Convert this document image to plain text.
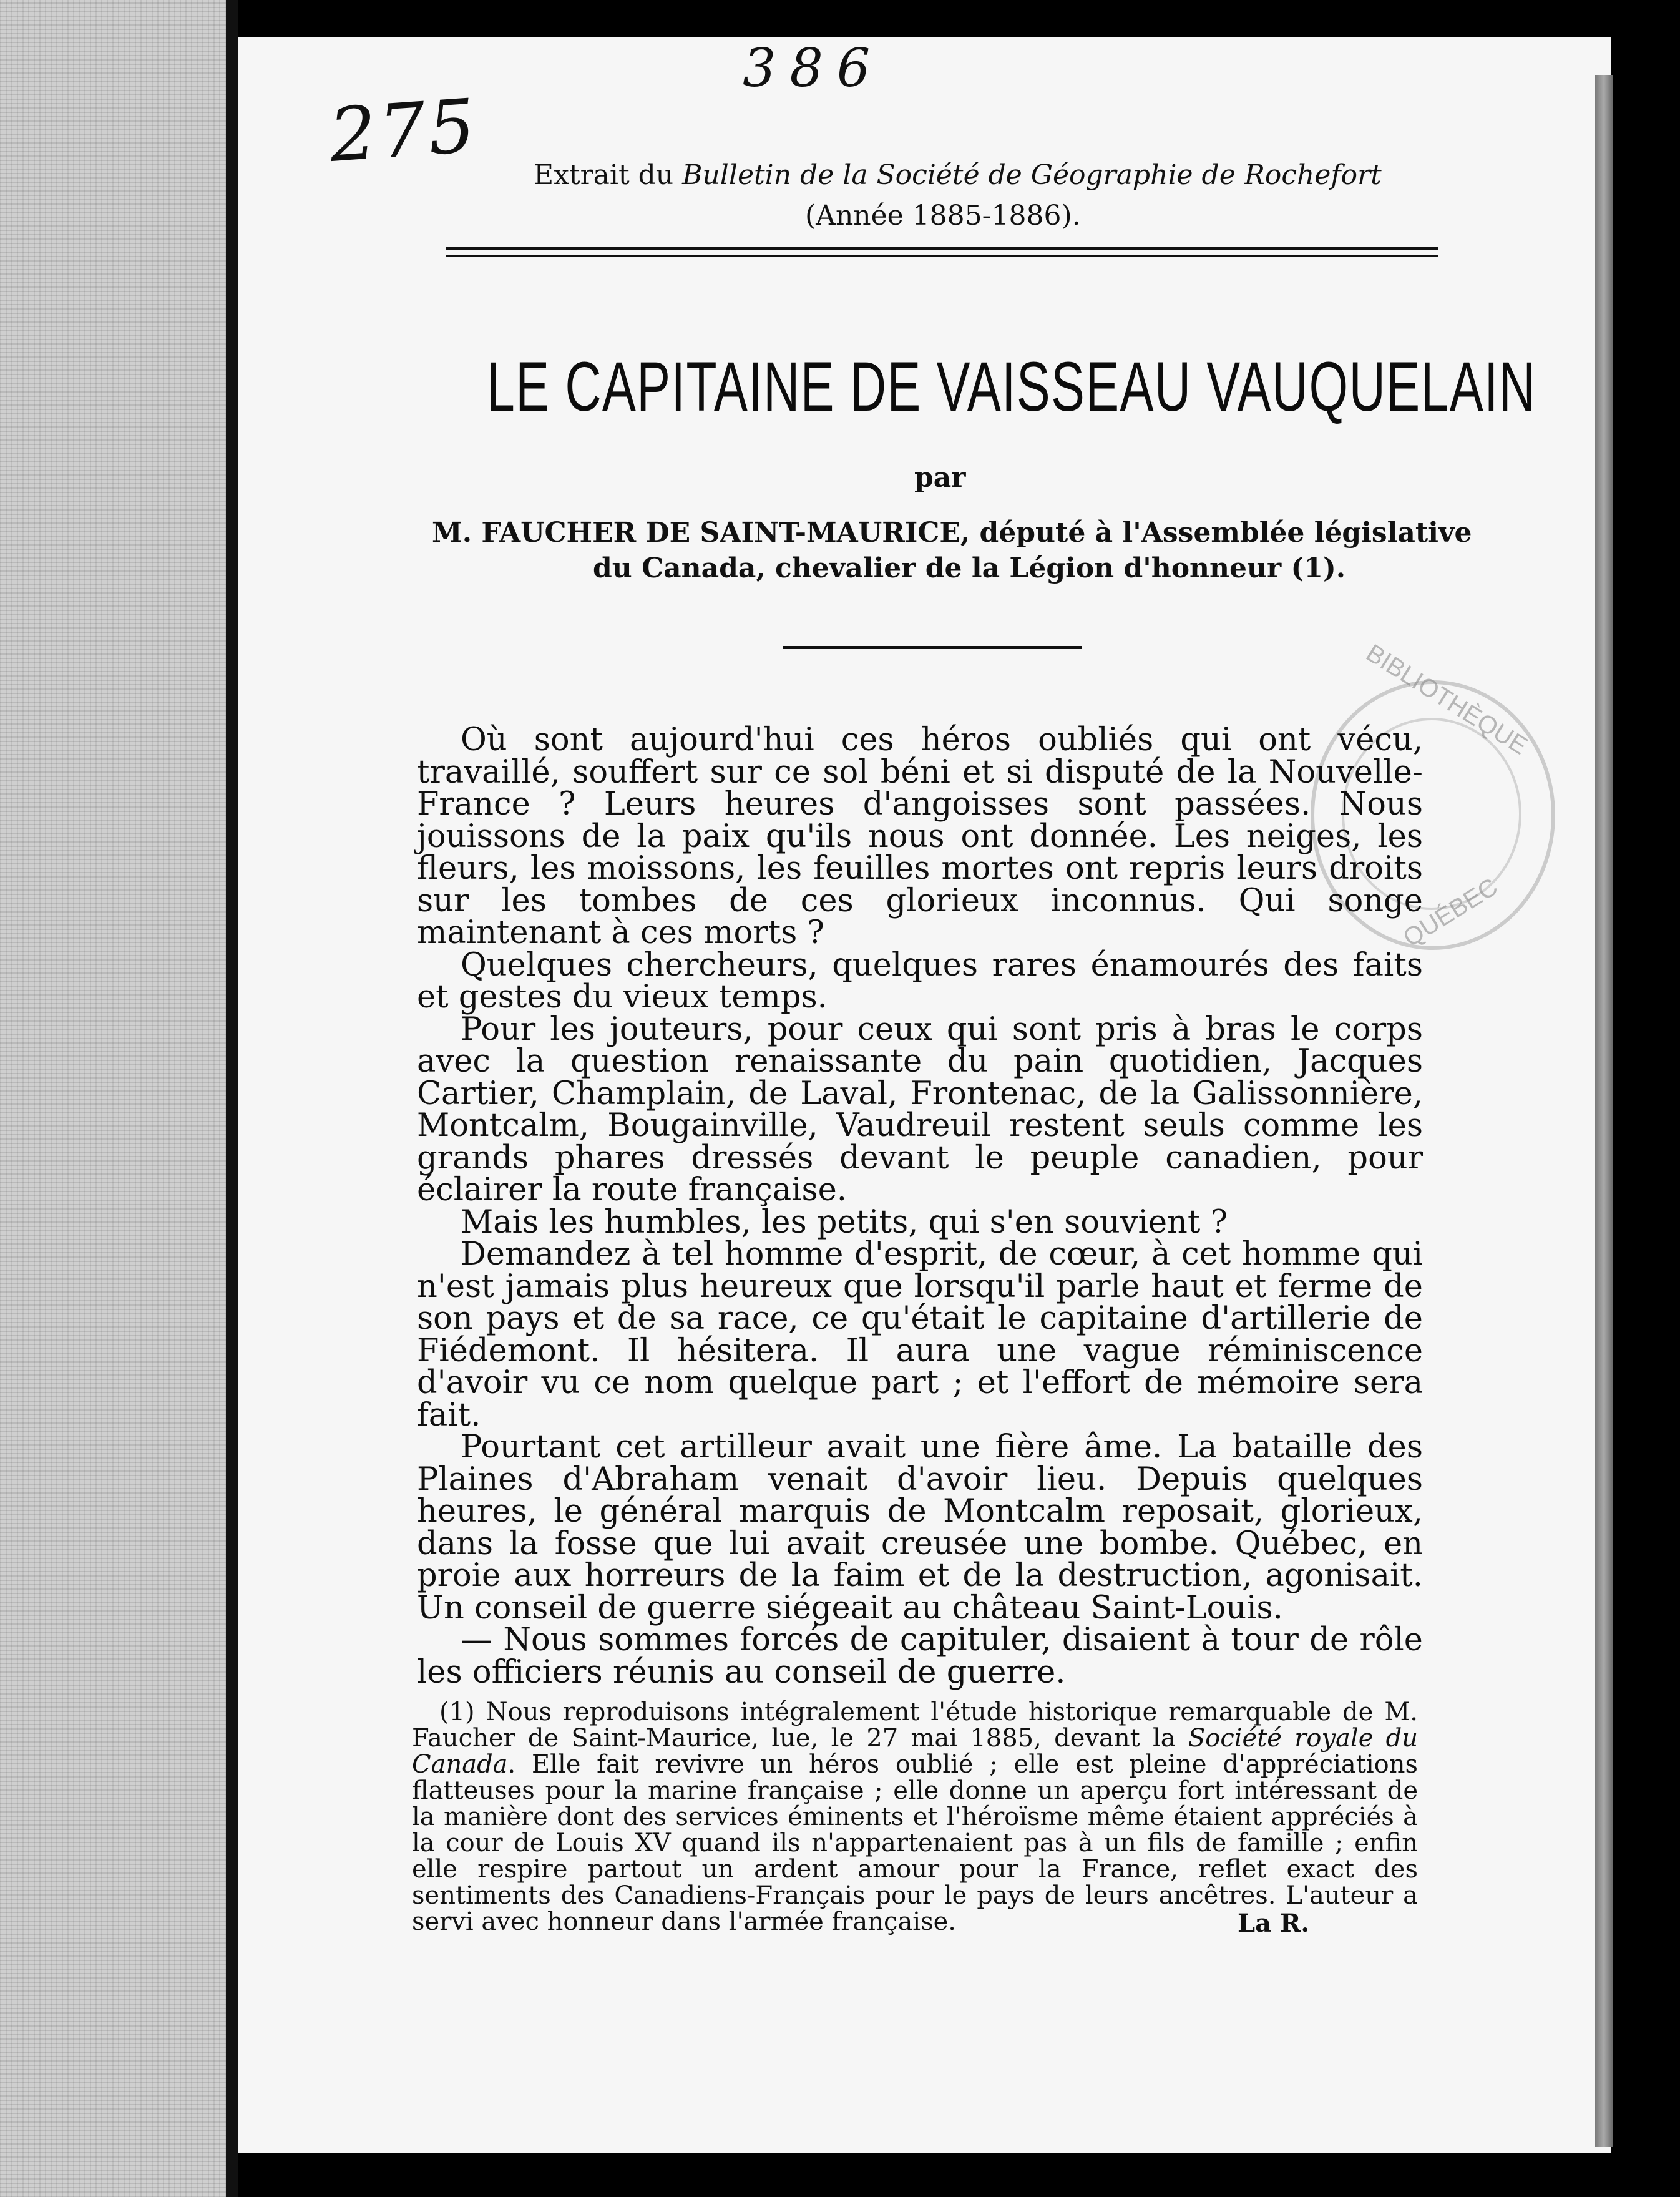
386
275 Extrait du Bulletin de la Société de Géographie de Rochefort
(Année 1885-1886).
LE CAPITAINE DE VAISSEAU VAUQUELAIN
par
M. FAUCHER DE SAINT-MAURICE, député à l'Assemblée législative
du Canada, chevalier de la Légion d'honneur (1).
BIBLIOTHÈQUE
QUÉBEC

Où sont aujourd'hui ces héros oubliés qui ont vécu, travaillé, souffert sur ce sol béni et si disputé de la Nouvelle-France ? Leurs heures d'angoisses sont passées. Nous jouissons de la paix qu'ils nous ont donnée. Les neiges, les fleurs, les moissons, les feuilles mortes ont repris leurs droits sur les tombes de ces glorieux inconnus. Qui songe maintenant à ces morts ?

Quelques chercheurs, quelques rares énamourés des faits et gestes du vieux temps.

Pour les jouteurs, pour ceux qui sont pris à bras le corps avec la question renaissante du pain quotidien, Jacques Cartier, Champlain, de Laval, Frontenac, de la Galissonnière, Montcalm, Bougainville, Vaudreuil restent seuls comme les grands phares dressés devant le peuple canadien, pour éclairer la route française.

Mais les humbles, les petits, qui s'en souvient ?

Demandez à tel homme d'esprit, de cœur, à cet homme qui n'est jamais plus heureux que lorsqu'il parle haut et ferme de son pays et de sa race, ce qu'était le capitaine d'artillerie de Fiédemont. Il hésitera. Il aura une vague réminiscence d'avoir vu ce nom quelque part ; et l'effort de mémoire sera fait.

Pourtant cet artilleur avait une fière âme. La bataille des Plaines d'Abraham venait d'avoir lieu. Depuis quelques heures, le général marquis de Montcalm reposait, glorieux, dans la fosse que lui avait creusée une bombe. Québec, en proie aux horreurs de la faim et de la destruction, agonisait. Un conseil de guerre siégeait au château Saint-Louis.

— Nous sommes forcés de capituler, disaient à tour de rôle les officiers réunis au conseil de guerre.

(1) Nous reproduisons intégralement l'étude historique remarquable de M. Faucher de Saint-Maurice, lue, le 27 mai 1885, devant la Société royale du Canada. Elle fait revivre un héros oublié ; elle est pleine d'appréciations flatteuses pour la marine française ; elle donne un aperçu fort intéressant de la manière dont des services éminents et l'héroïsme même étaient appréciés à la cour de Louis XV quand ils n'appartenaient pas à un fils de famille ; enfin elle respire partout un ardent amour pour la France, reflet exact des sentiments des Canadiens-Français pour le pays de leurs ancêtres. L'auteur a servi avec honneur dans l'armée française.	La R.
